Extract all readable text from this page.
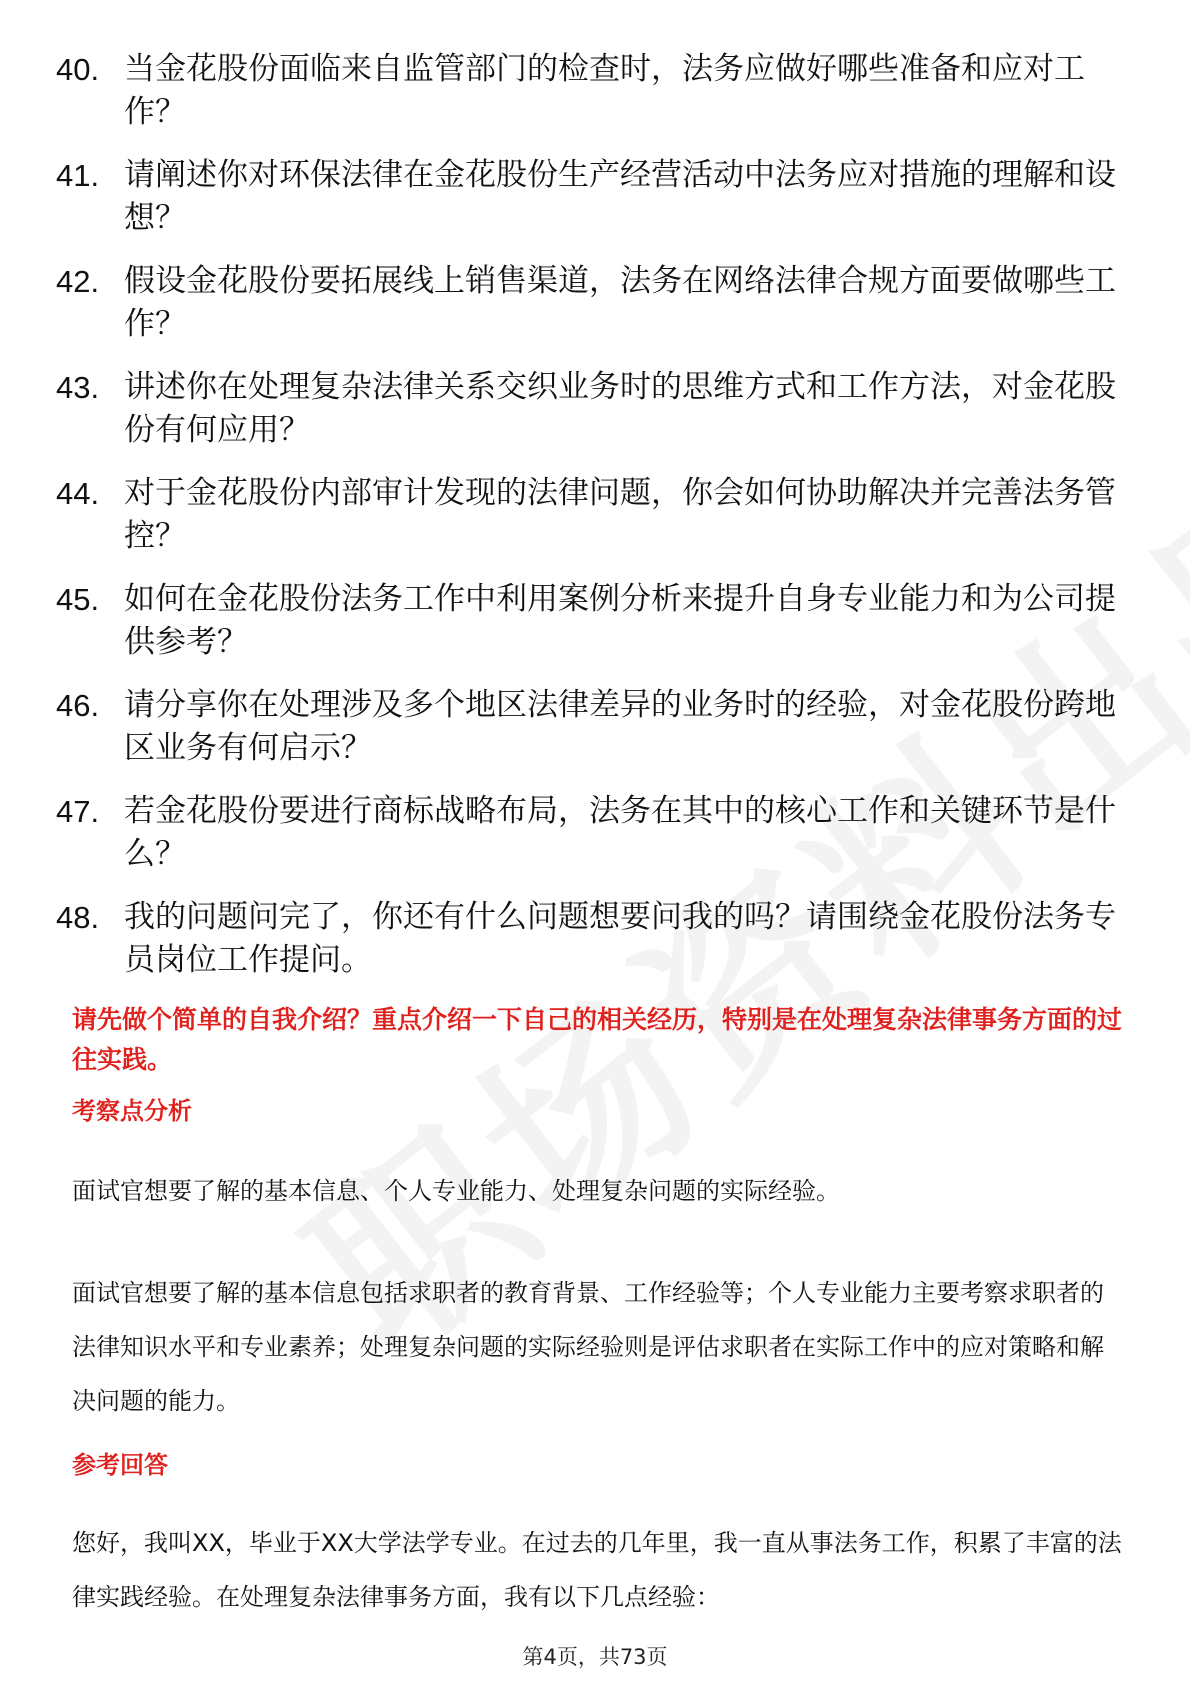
40. 当金花股份面临来自监管部门的检查时，法务应做好哪些准备和应对工作？
41. 请阐述你对环保法律在金花股份生产经营活动中法务应对措施的理解和设想？
42. 假设金花股份要拓展线上销售渠道，法务在网络法律合规方面要做哪些工作？
43. 讲述你在处理复杂法律关系交织业务时的思维方式和工作方法，对金花股份有何应用？
44. 对于金花股份内部审计发现的法律问题，你会如何协助解决并完善法务管控？
45. 如何在金花股份法务工作中利用案例分析来提升自身专业能力和为公司提供参考？
46. 请分享你在处理涉及多个地区法律差异的业务时的经验，对金花股份跨地区业务有何启示？
47. 若金花股份要进行商标战略布局，法务在其中的核心工作和关键环节是什么？
48. 我的问题问完了，你还有什么问题想要问我的吗？请围绕金花股份法务专员岗位工作提问。
请先做个简单的自我介绍？重点介绍一下自己的相关经历，特别是在处理复杂法律事务方面的过往实践。
考察点分析
面试官想要了解的基本信息、个人专业能力、处理复杂问题的实际经验。
面试官想要了解的基本信息包括求职者的教育背景、工作经验等；个人专业能力主要考察求职者的法律知识水平和专业素养；处理复杂问题的实际经验则是评估求职者在实际工作中的应对策略和解决问题的能力。
参考回答
您好，我叫XX，毕业于XX大学法学专业。在过去的几年里，我一直从事法务工作，积累了丰富的法律实践经验。在处理复杂法律事务方面，我有以下几点经验：
第4页，共73页
